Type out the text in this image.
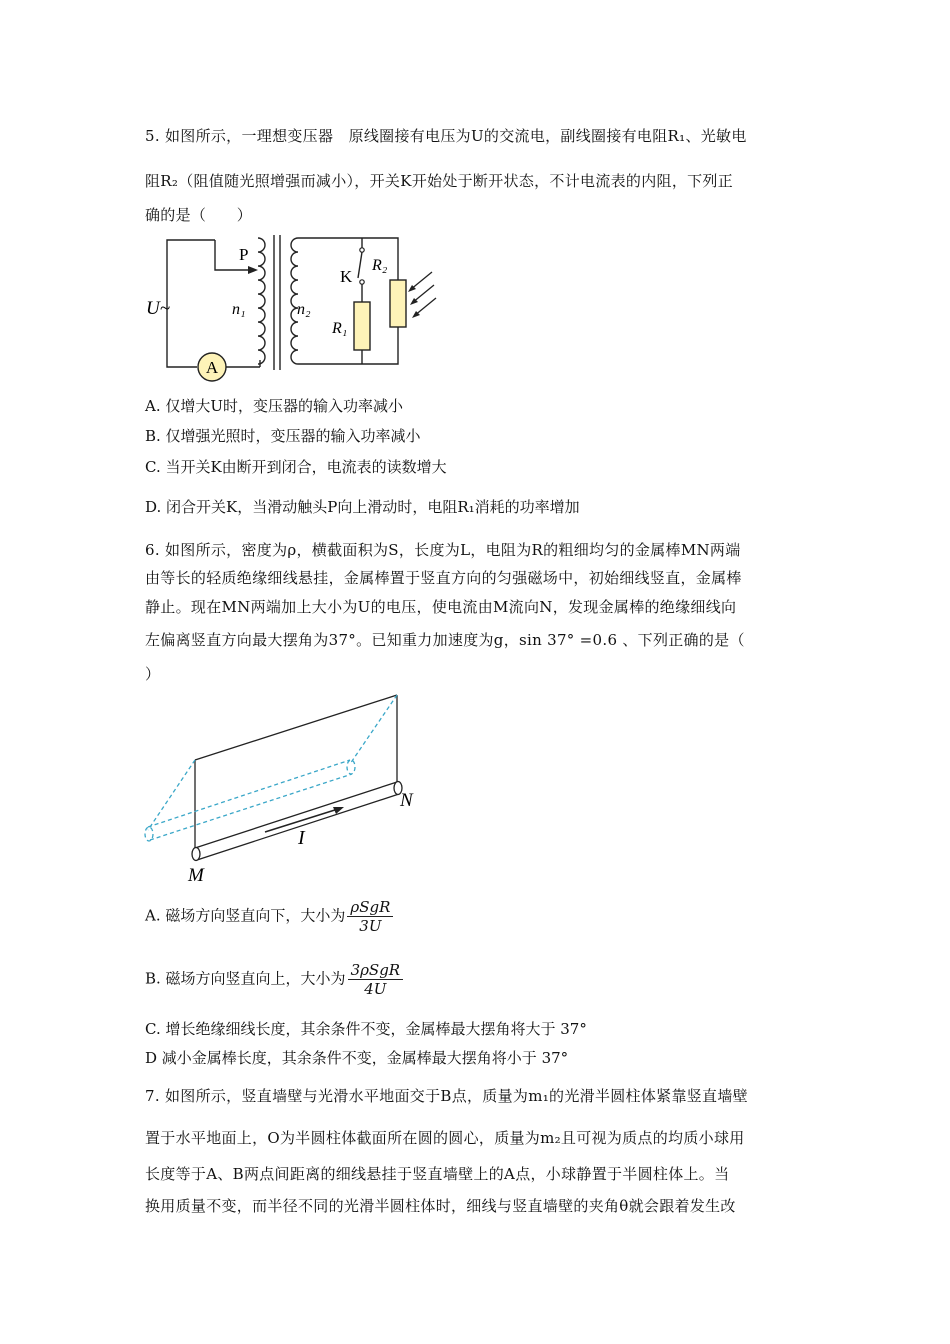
5. 如图所示，一理想变压器　原线圈接有电压为U的交流电，副线圈接有电阻R₁、光敏电
阻R₂（阻值随光照增强而减小），开关K开始处于断开状态，不计电流表的内阻，下列正
确的是（　　）
A
U~
P
n₁	n₂
K
R₂
R₁
A. 仅增大U时，变压器的输入功率减小
B. 仅增强光照时，变压器的输入功率减小
C. 当开关K由断开到闭合，电流表的读数增大
D. 闭合开关K，当滑动触头P向上滑动时，电阻R₁消耗的功率增加
6. 如图所示，密度为ρ，横截面积为S，长度为L，电阻为R的粗细均匀的金属棒MN两端
由等长的轻质绝缘细线悬挂，金属棒置于竖直方向的匀强磁场中，初始细线竖直，金属棒
静止。现在MN两端加上大小为U的电压，使电流由M流向N，发现金属棒的绝缘细线向
左偏离竖直方向最大摆角为37°。已知重力加速度为g，sin 37° =0.6 、下列正确的是（
）
I
M
N
A. 磁场方向竖直向下，大小为 $\frac{\text{ρSgR}}{3U}$
B. 磁场方向竖直向上，大小为 $\frac{\text{3ρSgR}}{4U}$
C. 增长绝缘细线长度，其余条件不变，金属棒最大摆角将大于 37°
D 减小金属棒长度，其余条件不变，金属棒最大摆角将小于 37°
7. 如图所示，竖直墙壁与光滑水平地面交于B点，质量为m₁的光滑半圆柱体紧靠竖直墙壁
置于水平地面上，O为半圆柱体截面所在圆的圆心，质量为m₂且可视为质点的均质小球用
长度等于A、B两点间距离的细线悬挂于竖直墙壁上的A点，小球静置于半圆柱体上。当
换用质量不变，而半径不同的光滑半圆柱体时，细线与竖直墙壁的夹角θ就会跟着发生改
